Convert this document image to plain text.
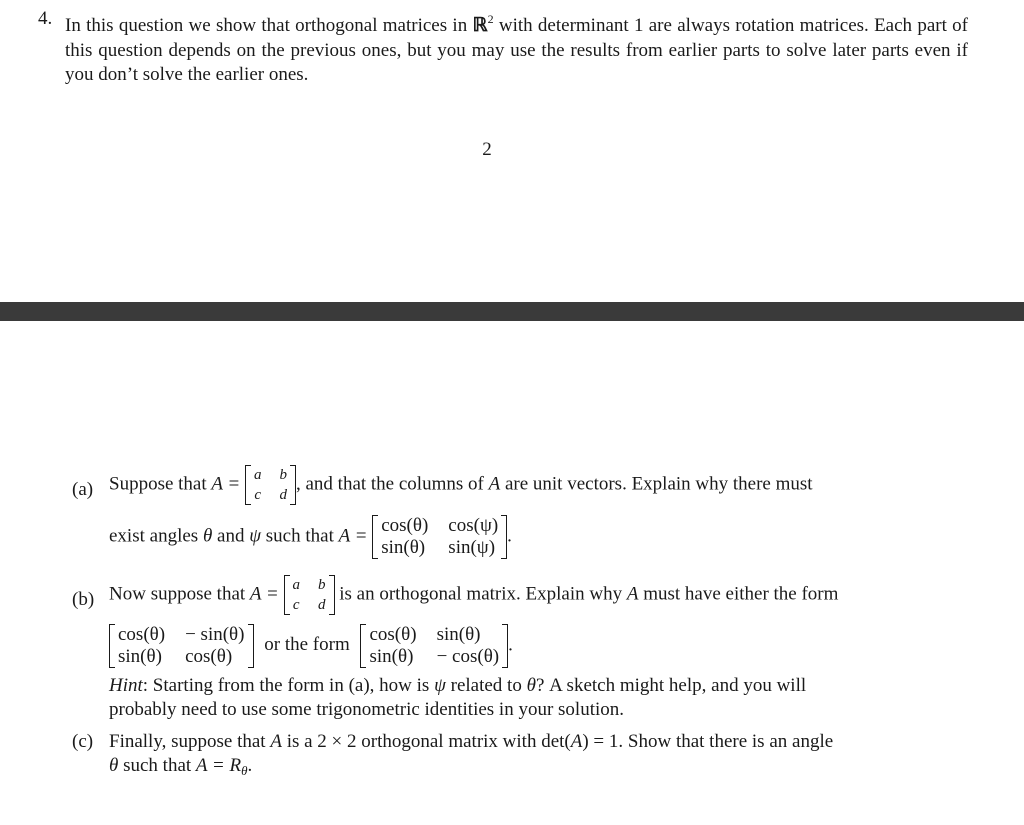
4. In this question we show that orthogonal matrices in ℝ$^2$ with determinant 1 are always rotation matrices. Each part of this question depends on the previous ones, but you may use the results from earlier parts to solve later parts even if you don’t solve the earlier ones.
2
(a) Suppose that A = a b
c d
, and that the columns of A are unit vectors. Explain why there must
exist angles θ and ψ such that A = cos(θ) cos(ψ)
sin(θ) sin(ψ)
.
(b) Now suppose that A = a b
c d
is an orthogonal matrix. Explain why A must have either the form
cos(θ) − sin(θ)
sin(θ) cos(θ)
or the form cos(θ) sin(θ)
sin(θ) − cos(θ)
.
Hint: Starting from the form in (a), how is ψ related to θ? A sketch might help, and you will
probably need to use some trigonometric identities in your solution.
(c) Finally, suppose that A is a 2 × 2 orthogonal matrix with det(A) = 1. Show that there is an angle
θ such that $A = R_\theta$.
